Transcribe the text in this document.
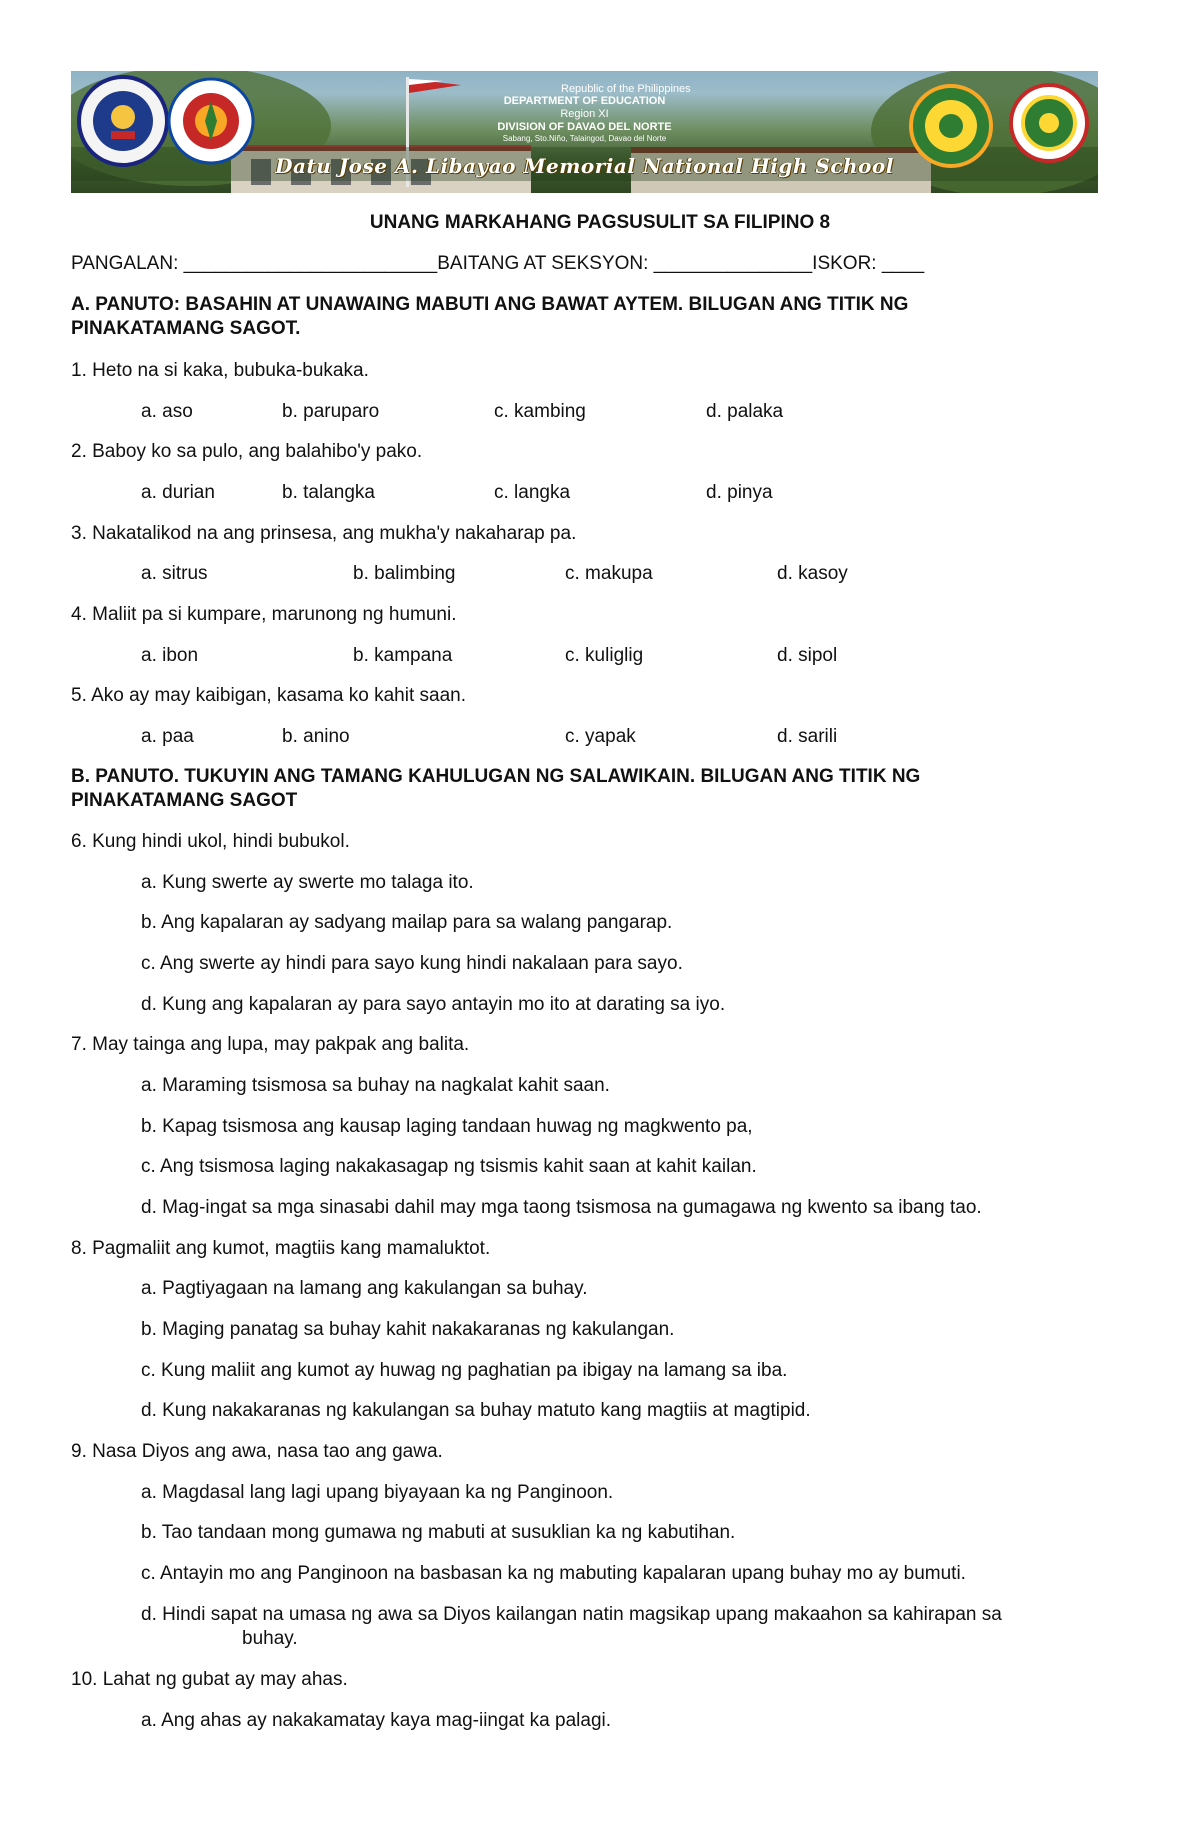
Republic of the Philippines
DEPARTMENT OF EDUCATION
Region XI
DIVISION OF DAVAO DEL NORTE
Sabang, Sto.Niño, Talaingod, Davao del Norte
Datu Jose A. Libayao Memorial National High School
UNANG MARKAHANG PAGSUSULIT SA FILIPINO 8
PANGALAN: ________________________BAITANG AT SEKSYON: _______________ISKOR: ____
A. PANUTO: BASAHIN AT UNAWAING MABUTI ANG BAWAT AYTEM. BILUGAN ANG TITIK NG
PINAKATAMANG SAGOT.
1. Heto na si kaka, bubuka-bukaka.
a. aso	b. paruparo	c. kambing	d. palaka
2. Baboy ko sa pulo, ang balahibo'y pako.
a. durian	b. talangka	c. langka	d. pinya
3. Nakatalikod na ang prinsesa, ang mukha'y nakaharap pa.
a. sitrus	b. balimbing	c. makupa	d. kasoy
4. Maliit pa si kumpare, marunong ng humuni.
a. ibon	b. kampana	c. kuliglig	d. sipol
5. Ako ay may kaibigan, kasama ko kahit saan.
a. paa	b. anino	c. yapak	d. sarili
B. PANUTO. TUKUYIN ANG TAMANG KAHULUGAN NG SALAWIKAIN. BILUGAN ANG TITIK NG
PINAKATAMANG SAGOT
6. Kung hindi ukol, hindi bubukol.
a. Kung swerte ay swerte mo talaga ito.
b. Ang kapalaran ay sadyang mailap para sa walang pangarap.
c. Ang swerte ay hindi para sayo kung hindi nakalaan para sayo.
d. Kung ang kapalaran ay para sayo antayin mo ito at darating sa iyo.
7. May tainga ang lupa, may pakpak ang balita.
a. Maraming tsismosa sa buhay na nagkalat kahit saan.
b. Kapag tsismosa ang kausap laging tandaan huwag ng magkwento pa,
c. Ang tsismosa laging nakakasagap ng tsismis kahit saan at kahit kailan.
d. Mag-ingat sa mga sinasabi dahil may mga taong tsismosa na gumagawa ng kwento sa ibang tao.
8. Pagmaliit ang kumot, magtiis kang mamaluktot.
a. Pagtiyagaan na lamang ang kakulangan sa buhay.
b. Maging panatag sa buhay kahit nakakaranas ng kakulangan.
c. Kung maliit ang kumot ay huwag ng paghatian pa ibigay na lamang sa iba.
d. Kung nakakaranas ng kakulangan sa buhay matuto kang magtiis at magtipid.
9. Nasa Diyos ang awa, nasa tao ang gawa.
a. Magdasal lang lagi upang biyayaan ka ng Panginoon.
b. Tao tandaan mong gumawa ng mabuti at susuklian ka ng kabutihan.
c. Antayin mo ang Panginoon na basbasan ka ng mabuting kapalaran upang buhay mo ay bumuti.
d. Hindi sapat na umasa ng awa sa Diyos kailangan natin magsikap upang makaahon sa kahirapan sa
buhay.
10. Lahat ng gubat ay may ahas.
a. Ang ahas ay nakakamatay kaya mag-iingat ka palagi.
